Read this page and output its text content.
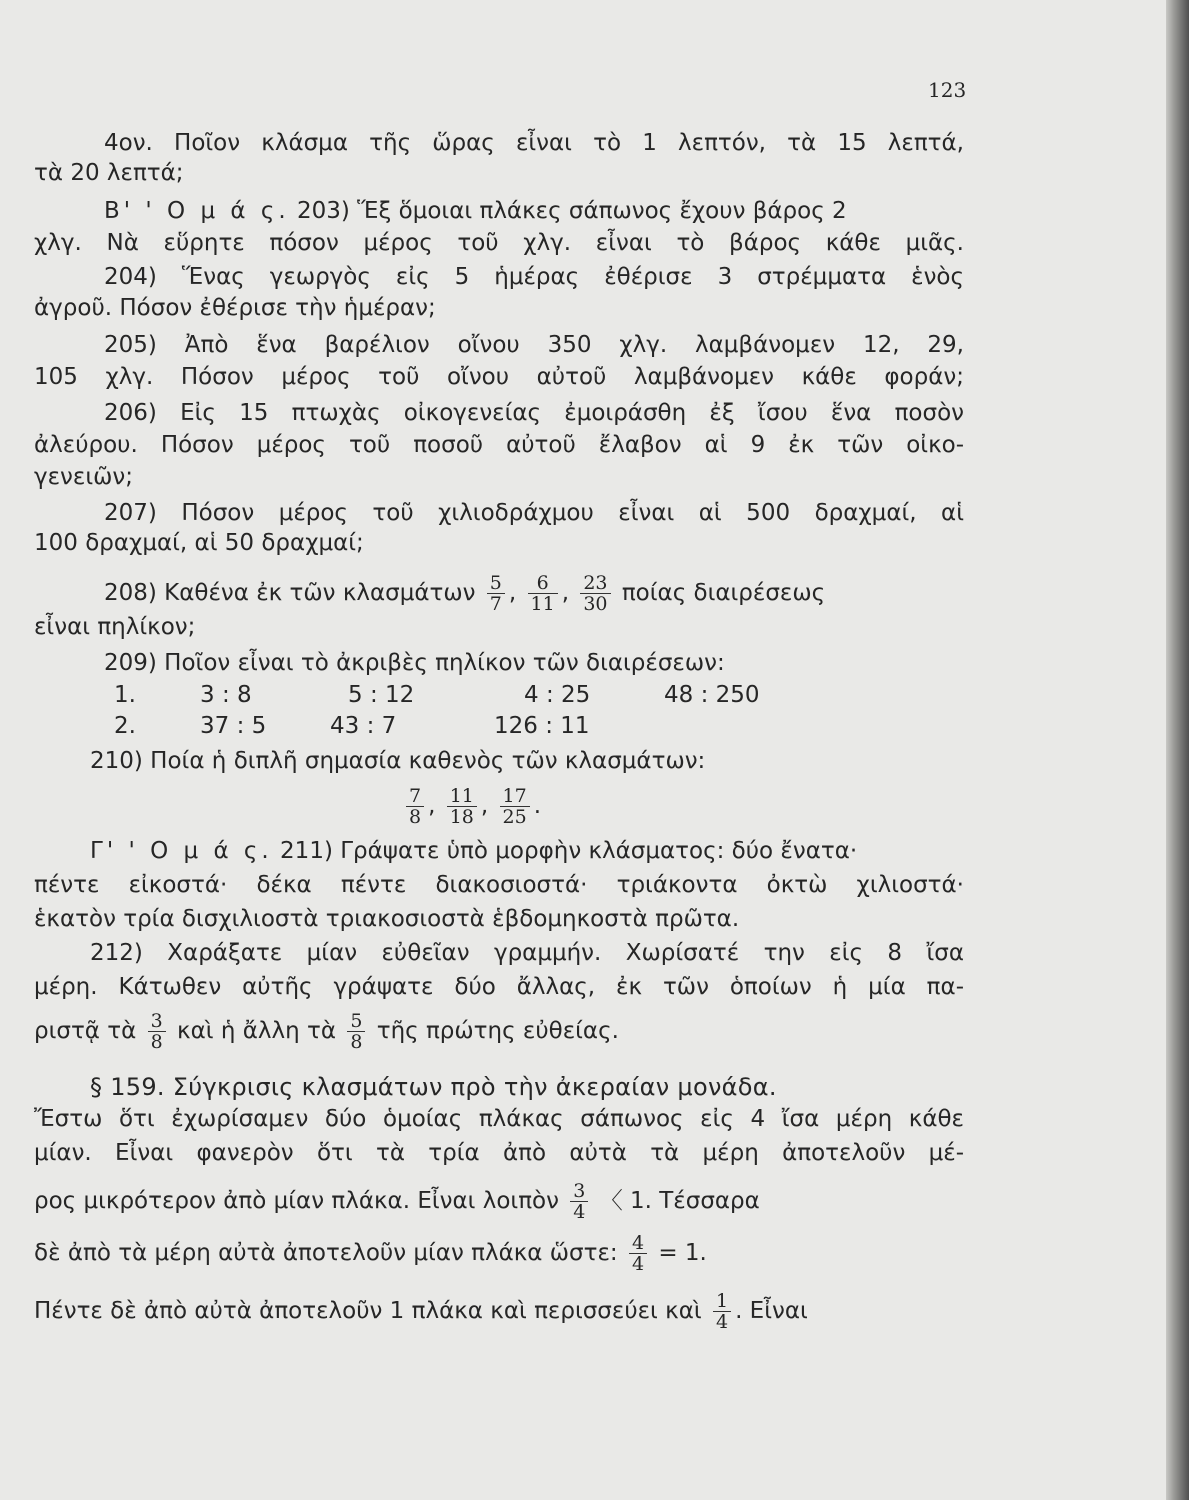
123
4ον. Ποῖον κλάσμα τῆς ὥρας εἶναι τὸ 1 λεπτόν, τὰ 15 λεπτά,
τὰ 20 λεπτά;
Β' ' Ο μ ά ς. 203) Ἕξ ὅμοιαι πλάκες σάπωνος ἔχουν βάρος 2
χλγ. Νὰ εὕρητε πόσον μέρος τοῦ χλγ. εἶναι τὸ βάρος κάθε μιᾶς.
204) Ἕνας γεωργὸς εἰς 5 ἡμέρας ἐθέρισε 3 στρέμματα ἑνὸς
ἀγροῦ. Πόσον ἐθέρισε τὴν ἡμέραν;
205) Ἀπὸ ἕνα βαρέλιον οἴνου 350 χλγ. λαμβάνομεν 12, 29,
105 χλγ. Πόσον μέρος τοῦ οἴνου αὐτοῦ λαμβάνομεν κάθε φοράν;
206) Εἰς 15 πτωχὰς οἰκογενείας ἐμοιράσθη ἐξ ἴσου ἕνα ποσὸν
ἀλεύρου. Πόσον μέρος τοῦ ποσοῦ αὐτοῦ ἔλαβον αἱ 9 ἐκ τῶν οἰκο-
γενειῶν;
207) Πόσον μέρος τοῦ χιλιοδράχμου εἶναι αἱ 500 δραχμαί, αἱ
100 δραχμαί, αἱ 50 δραχμαί;
208) Καθένα ἐκ τῶν κλασμάτων $\frac{5}{7}$ , $\frac{6}{11}$ , $\frac{23}{30}$ ποίας διαιρέσεως
εἶναι πηλίκον;
209) Ποῖον εἶναι τὸ ἀκριβὲς πηλίκον τῶν διαιρέσεων:
1.	3 : 8	5 : 12	4 : 25	48 : 250
2.	37 : 5	43 : 7	126 : 11
210) Ποία ἡ διπλῆ σημασία καθενὸς τῶν κλασμάτων:
$\frac{7}{8}$ , $\frac{11}{18}$ , $\frac{17}{25}$ .
Γ' ' Ο μ ά ς. 211) Γράψατε ὑπὸ μορφὴν κλάσματος: δύο ἔνατα·
πέντε εἰκοστά· δέκα πέντε διακοσιοστά· τριάκοντα ὀκτὼ χιλιοστά·
ἑκατὸν τρία δισχιλιοστὰ τριακοσιοστὰ ἑβδομηκοστὰ πρῶτα.
212) Χαράξατε μίαν εὐθεῖαν γραμμήν. Χωρίσατέ την εἰς 8 ἴσα
μέρη. Κάτωθεν αὐτῆς γράψατε δύο ἄλλας, ἐκ τῶν ὁποίων ἡ μία πα-
ριστᾷ τὰ $\frac{3}{8}$ καὶ ἡ ἄλλη τὰ $\frac{5}{8}$ τῆς πρώτης εὐθείας.
§ 159. Σύγκρισις κλασμάτων πρὸ τὴν ἀκεραίαν μονάδα.
Ἔστω ὅτι ἐχωρίσαμεν δύο ὁμοίας πλάκας σάπωνος εἰς 4 ἴσα μέρη κάθε
μίαν. Εἶναι φανερὸν ὅτι τὰ τρία ἀπὸ αὐτὰ τὰ μέρη ἀποτελοῦν μέ-
ρος μικρότερον ἀπὸ μίαν πλάκα. Εἶναι λοιπὸν $\frac{3}{4}$ 〈 1. Τέσσαρα
δὲ ἀπὸ τὰ μέρη αὐτὰ ἀποτελοῦν μίαν πλάκα ὥστε: $\frac{4}{4} = 1$.
Πέντε δὲ ἀπὸ αὐτὰ ἀποτελοῦν 1 πλάκα καὶ περισσεύει καὶ $\frac{1}{4}$ . Εἶναι
